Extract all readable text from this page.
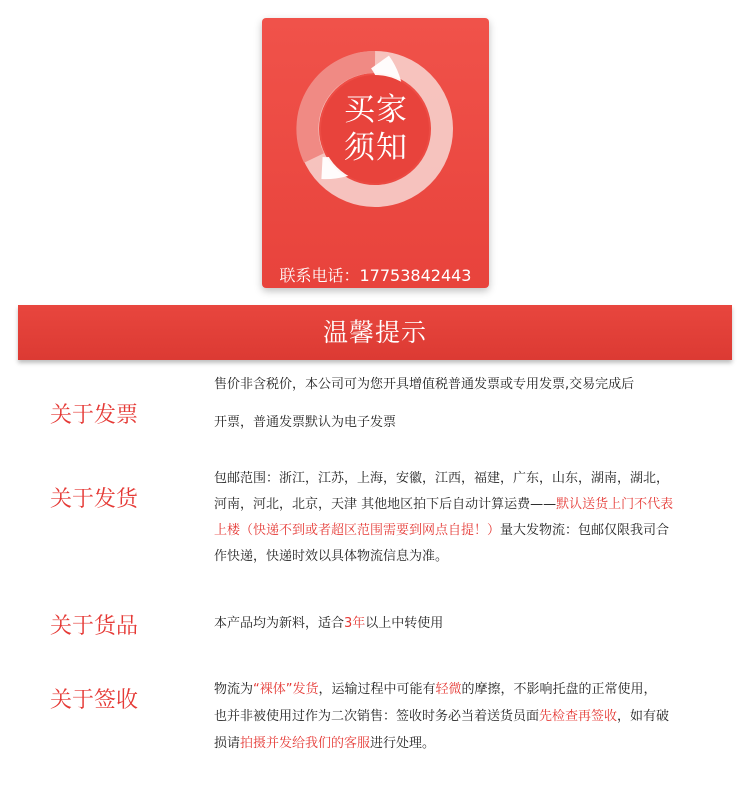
买家
须知
联系电话：17753842443
温馨提示
关于发票
售价非含税价，本公司可为您开具增值税普通发票或专用发票,交易完成后
开票，普通发票默认为电子发票
关于发货
包邮范围：浙江，江苏，上海，安徽，江西，福建，广东，山东，湖南，湖北，
河南，河北，北京，天津 其他地区拍下后自动计算运费——默认送货上门不代表
上楼（快递不到或者超区范围需要到网点自提！）量大发物流：包邮仅限我司合
作快递，快递时效以具体物流信息为准。
关于货品	本产品均为新料，适合3年以上中转使用
关于签收	物流为“裸体”发货，运输过程中可能有轻微的摩擦，不影响托盘的正常使用，
也并非被使用过作为二次销售：签收时务必当着送货员面先检查再签收，如有破
损请拍摄并发给我们的客服进行处理。
